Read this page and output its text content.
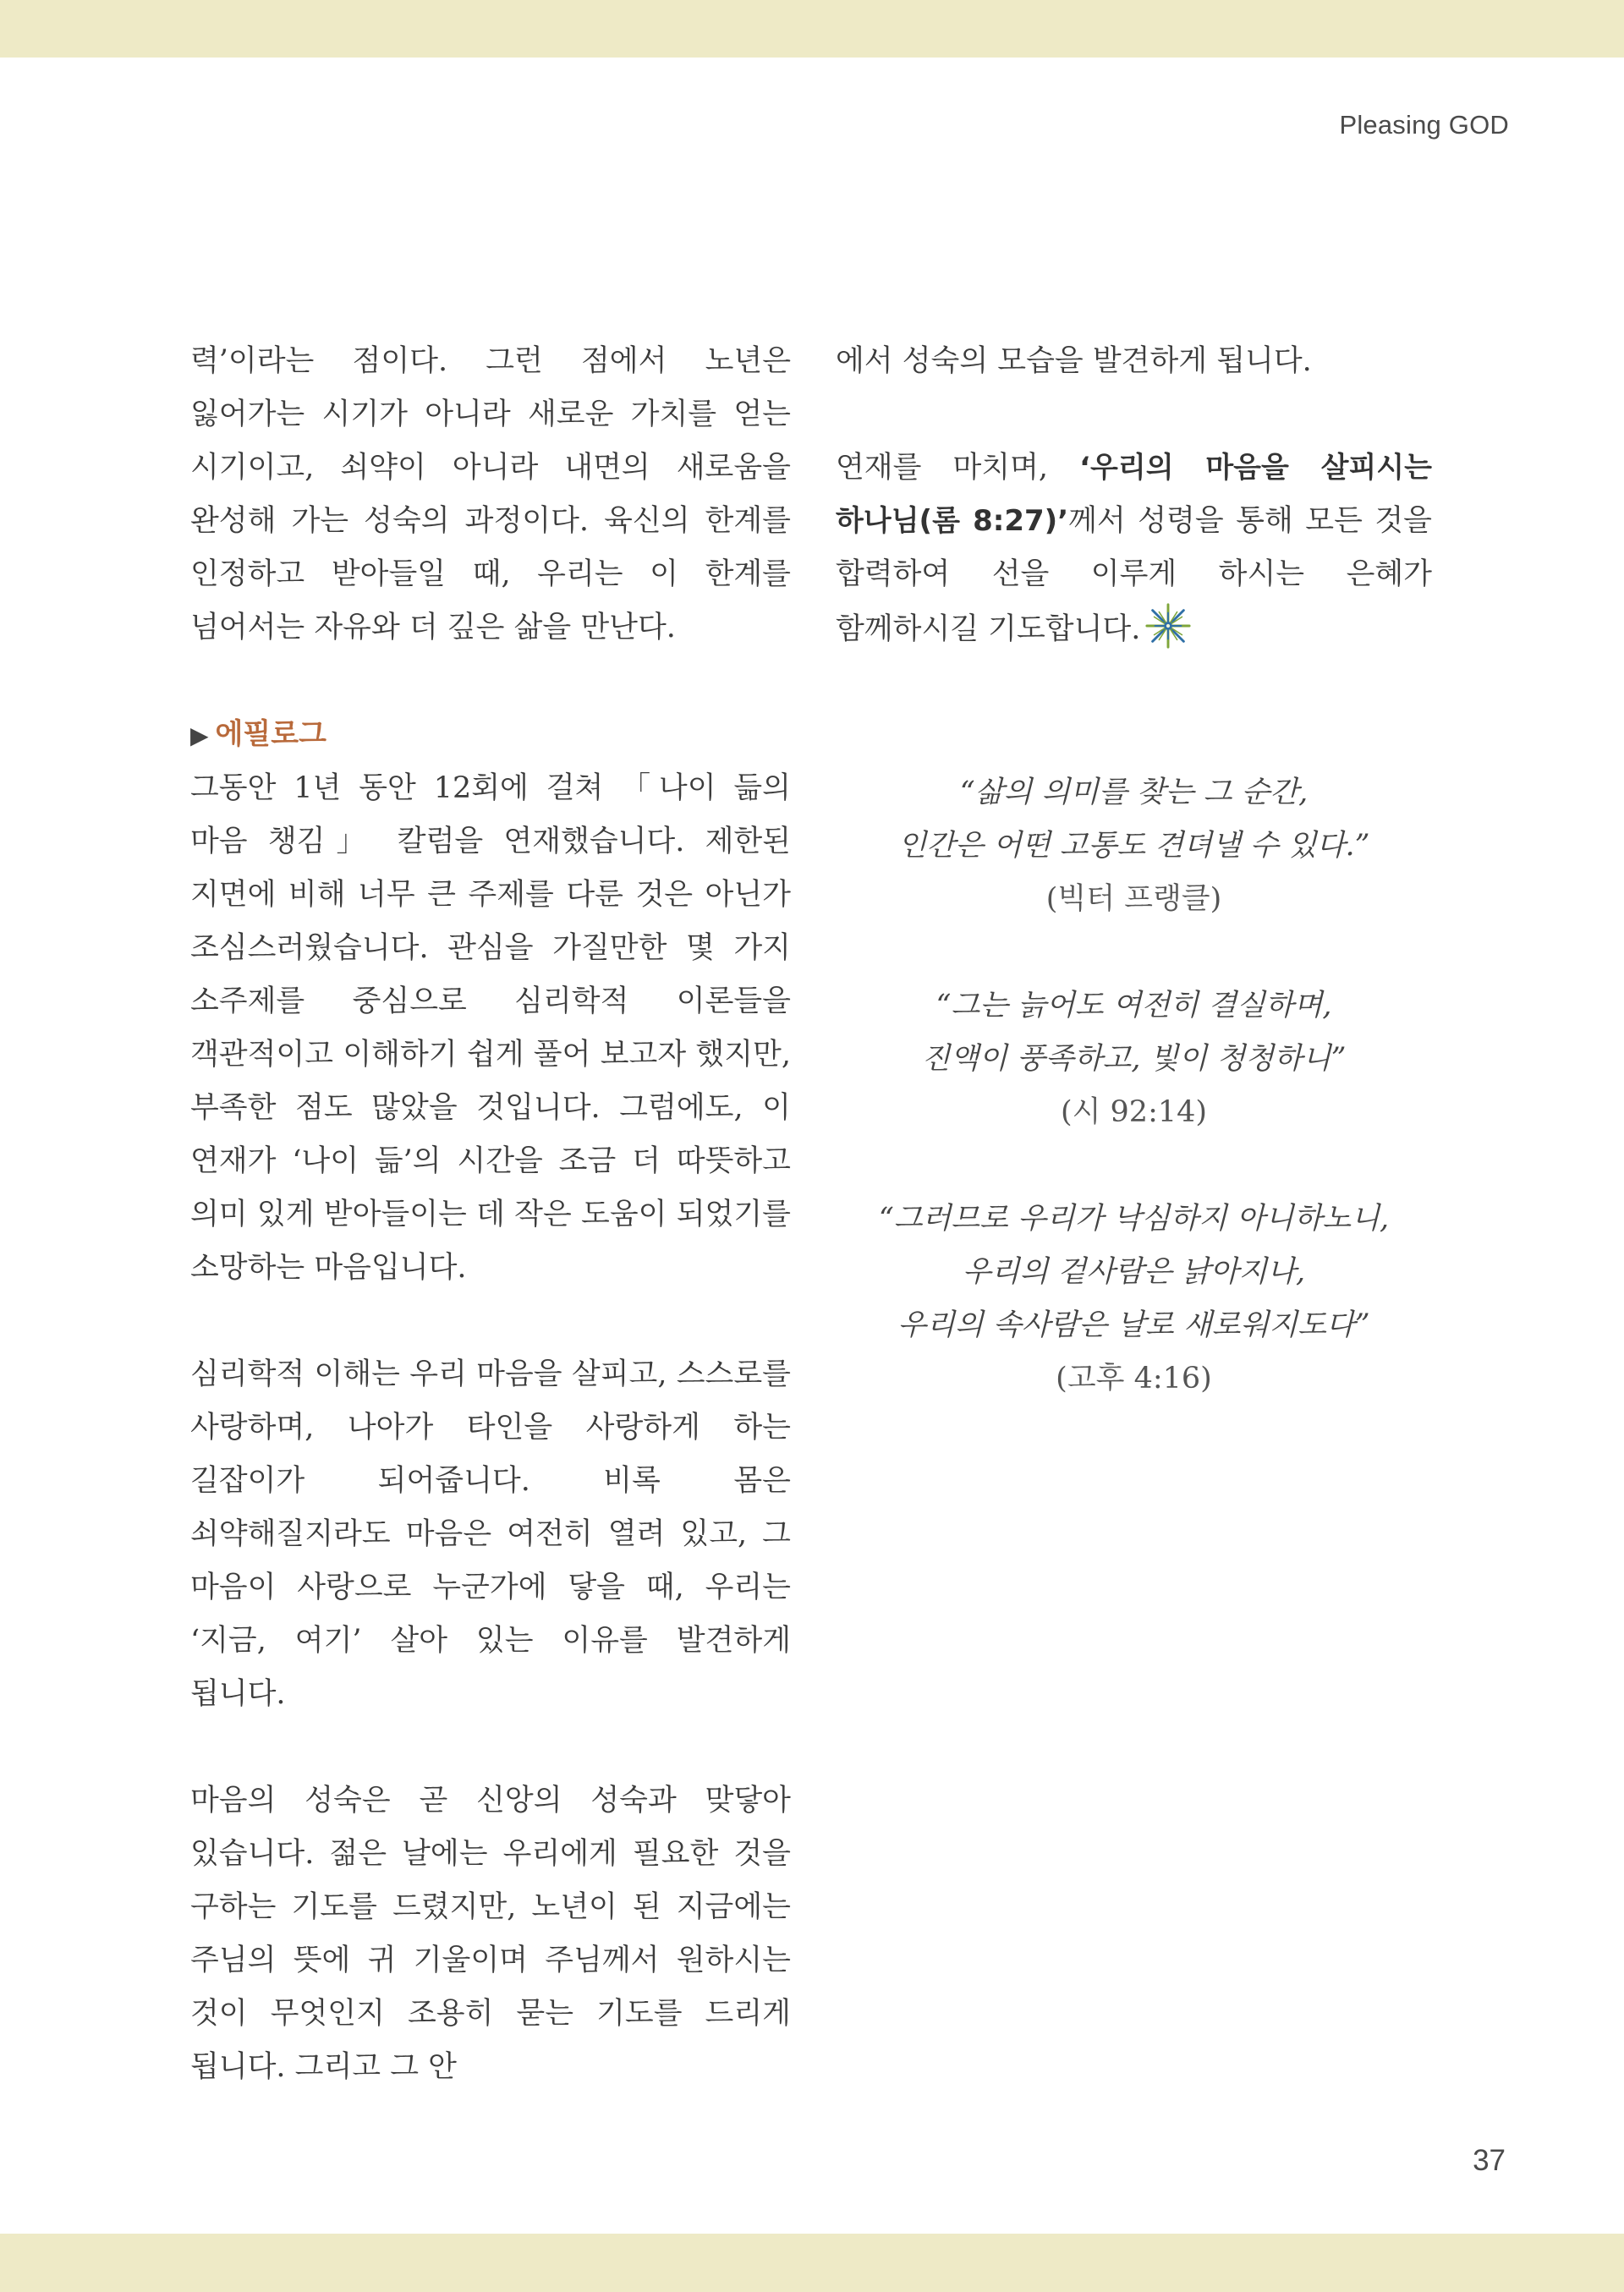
Pleasing GOD

력’이라는 점이다. 그런 점에서 노년은 잃어가는 시기가 아니라 새로운 가치를 얻는 시기이고, 쇠약이 아니라 내면의 새로움을 완성해 가는 성숙의 과정이다. 육신의 한계를 인정하고 받아들일 때, 우리는 이 한계를 넘어서는 자유와 더 깊은 삶을 만난다.

▶ 에필로그

그동안 1년 동안 12회에 걸쳐 「나이 듦의 마음 챙김」 칼럼을 연재했습니다. 제한된 지면에 비해 너무 큰 주제를 다룬 것은 아닌가 조심스러웠습니다. 관심을 가질만한 몇 가지 소주제를 중심으로 심리학적 이론들을 객관적이고 이해하기 쉽게 풀어 보고자 했지만, 부족한 점도 많았을 것입니다. 그럼에도, 이 연재가 ‘나이 듦’의 시간을 조금 더 따뜻하고 의미 있게 받아들이는 데 작은 도움이 되었기를 소망하는 마음입니다.

심리학적 이해는 우리 마음을 살피고, 스스로를 사랑하며, 나아가 타인을 사랑하게 하는 길잡이가 되어줍니다. 비록 몸은 쇠약해질지라도 마음은 여전히 열려 있고, 그 마음이 사랑으로 누군가에 닿을 때, 우리는 ‘지금, 여기’ 살아 있는 이유를 발견하게 됩니다.

마음의 성숙은 곧 신앙의 성숙과 맞닿아 있습니다. 젊은 날에는 우리에게 필요한 것을 구하는 기도를 드렸지만, 노년이 된 지금에는 주님의 뜻에 귀 기울이며 주님께서 원하시는 것이 무엇인지 조용히 묻는 기도를 드리게 됩니다. 그리고 그 안

에서 성숙의 모습을 발견하게 됩니다.

연재를 마치며, ‘우리의 마음을 살피시는 하나님(롬 8:27)’께서 성령을 통해 모든 것을 합력하여 선을 이루게 하시는 은혜가 함께하시길 기도합니다.

“삶의 의미를 찾는 그 순간,
인간은 어떤 고통도 견뎌낼 수 있다.”
(빅터 프랭클)
“그는 늙어도 여전히 결실하며,
진액이 풍족하고, 빛이 청청하니”
(시 92:14)
“그러므로 우리가 낙심하지 아니하노니,
우리의 겉사람은 낡아지나,
우리의 속사람은 날로 새로워지도다”
(고후 4:16)
37
